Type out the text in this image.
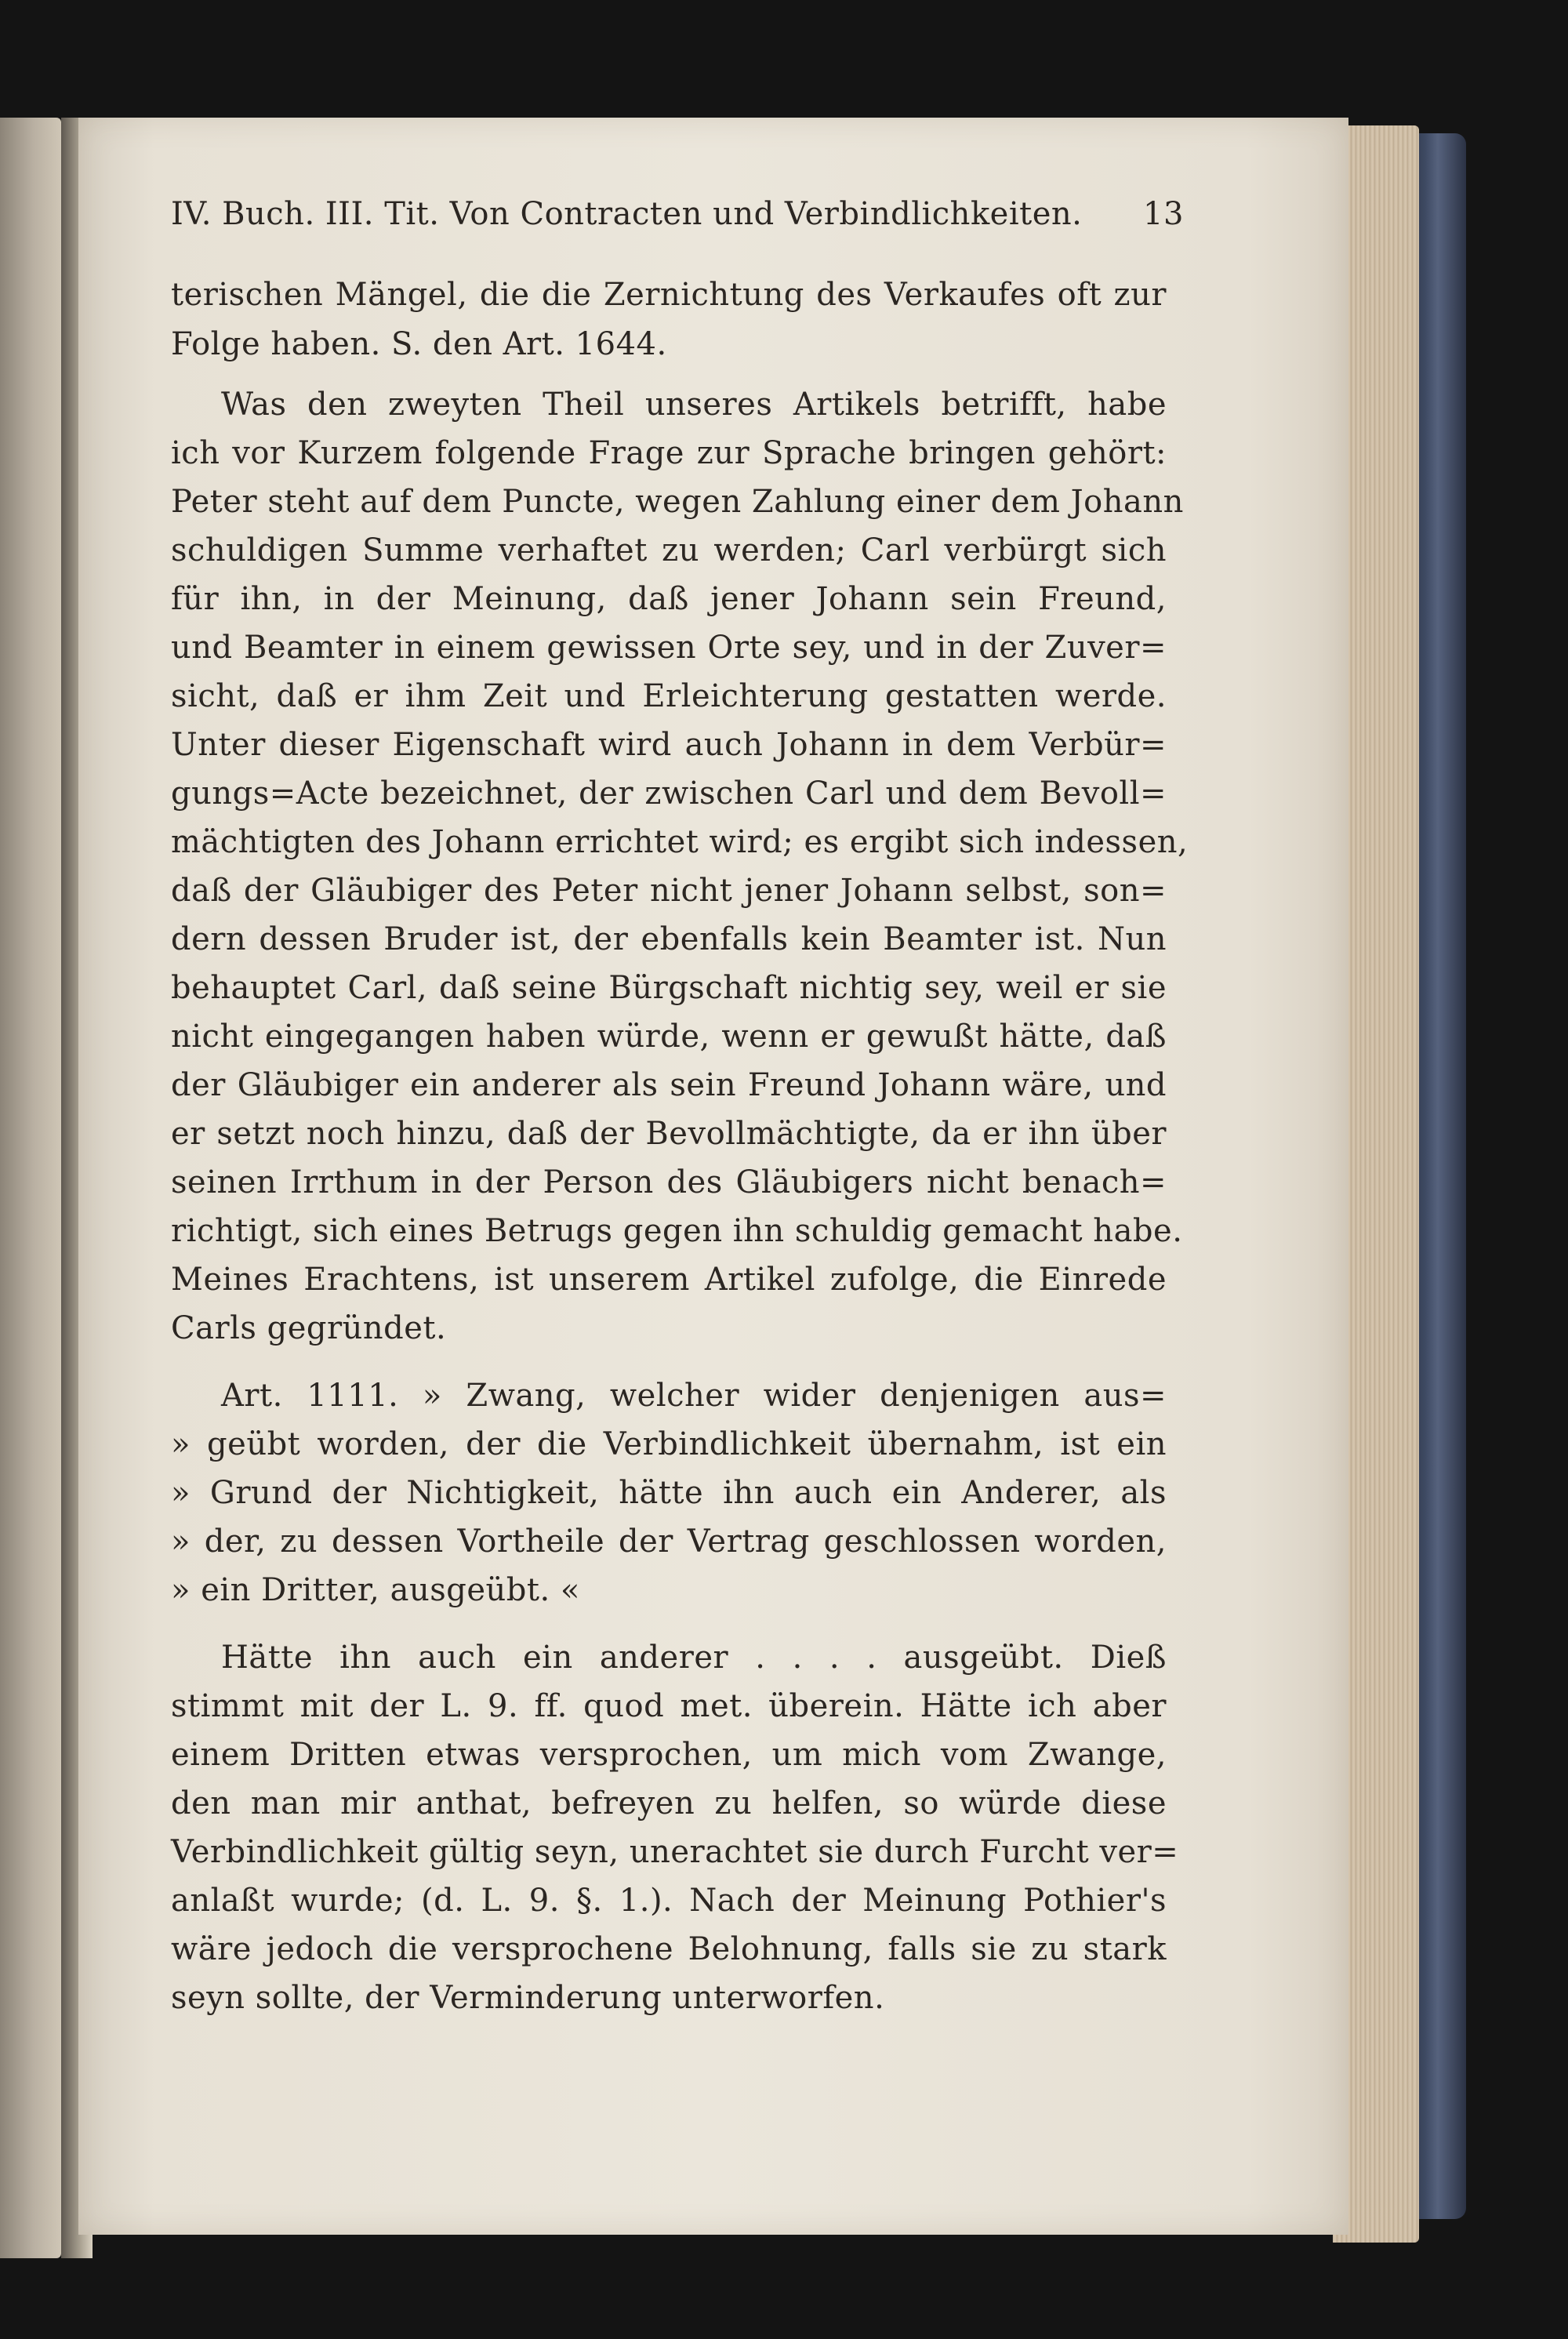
IV. Buch. III. Tit. Von Contracten und Verbindlichkeiten. 13
terischen Mängel, die die Zernichtung des Verkaufes oft zur
Folge haben. S. den Art. 1644.
Was den zweyten Theil unseres Artikels betrifft, habe
ich vor Kurzem folgende Frage zur Sprache bringen gehört:
Peter steht auf dem Puncte, wegen Zahlung einer dem Johann
schuldigen Summe verhaftet zu werden; Carl verbürgt sich
für ihn, in der Meinung, daß jener Johann sein Freund,
und Beamter in einem gewissen Orte sey, und in der Zuver=
sicht, daß er ihm Zeit und Erleichterung gestatten werde.
Unter dieser Eigenschaft wird auch Johann in dem Verbür=
gungs=Acte bezeichnet, der zwischen Carl und dem Bevoll=
mächtigten des Johann errichtet wird; es ergibt sich indessen,
daß der Gläubiger des Peter nicht jener Johann selbst, son=
dern dessen Bruder ist, der ebenfalls kein Beamter ist. Nun
behauptet Carl, daß seine Bürgschaft nichtig sey, weil er sie
nicht eingegangen haben würde, wenn er gewußt hätte, daß
der Gläubiger ein anderer als sein Freund Johann wäre, und
er setzt noch hinzu, daß der Bevollmächtigte, da er ihn über
seinen Irrthum in der Person des Gläubigers nicht benach=
richtigt, sich eines Betrugs gegen ihn schuldig gemacht habe.
Meines Erachtens, ist unserem Artikel zufolge, die Einrede
Carls gegründet.
Art. 1111. » Zwang, welcher wider denjenigen aus=
» geübt worden, der die Verbindlichkeit übernahm, ist ein
» Grund der Nichtigkeit, hätte ihn auch ein Anderer, als
» der, zu dessen Vortheile der Vertrag geschlossen worden,
» ein Dritter, ausgeübt. «
Hätte ihn auch ein anderer . . . . ausgeübt. Dieß
stimmt mit der L. 9. ff. quod met. überein. Hätte ich aber
einem Dritten etwas versprochen, um mich vom Zwange,
den man mir anthat, befreyen zu helfen, so würde diese
Verbindlichkeit gültig seyn, unerachtet sie durch Furcht ver=
anlaßt wurde; (d. L. 9. §. 1.). Nach der Meinung Pothier's
wäre jedoch die versprochene Belohnung, falls sie zu stark
seyn sollte, der Verminderung unterworfen.
